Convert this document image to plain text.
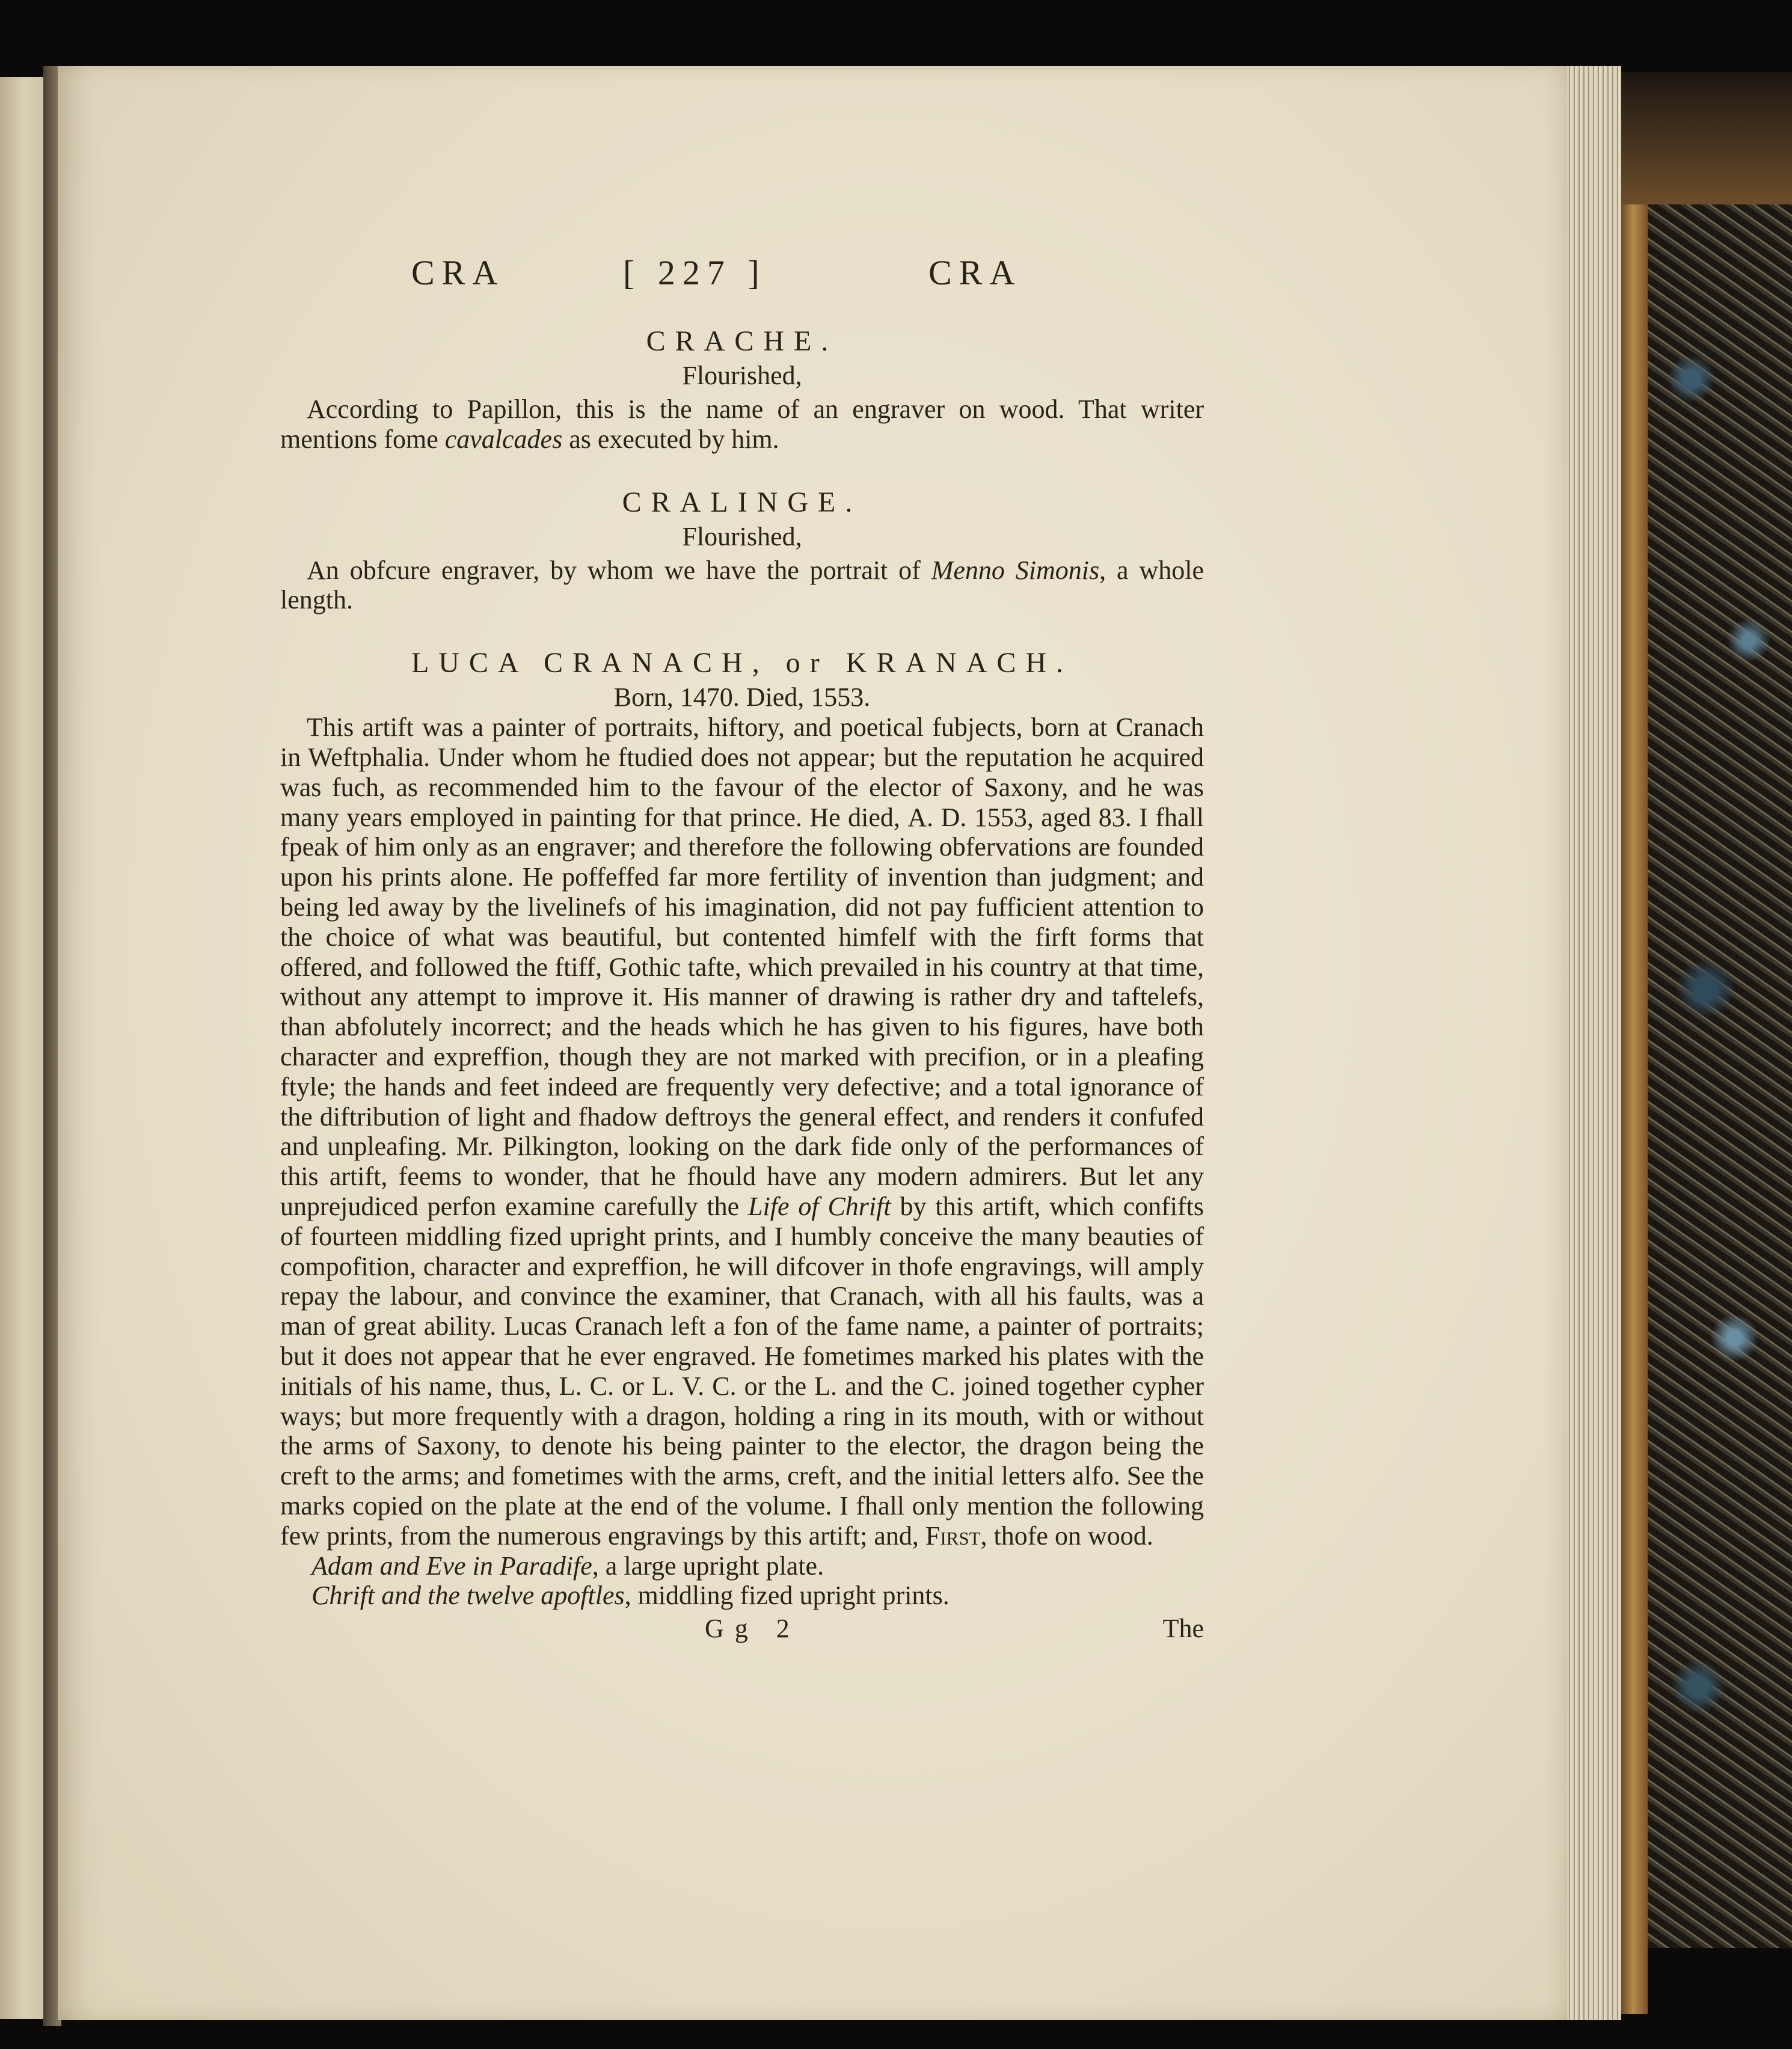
CRA	[ 227 ]	CRA
CRACHE.
Flourished,

According to Papillon, this is the name of an engraver on wood. That writer mentions fome cavalcades as executed by him.

CRALINGE.
Flourished,

An obfcure engraver, by whom we have the portrait of Menno Simonis, a whole length.

LUCA CRANACH, or KRANACH.
Born, 1470. Died, 1553.

This artift was a painter of portraits, hiftory, and poetical fubjects, born at Cranach in Weftphalia. Under whom he ftudied does not appear; but the reputation he acquired was fuch, as recommended him to the favour of the elector of Saxony, and he was many years employed in painting for that prince. He died, A. D. 1553, aged 83. I fhall fpeak of him only as an engraver; and therefore the following obfervations are founded upon his prints alone. He poffeffed far more fertility of invention than judgment; and being led away by the livelinefs of his imagination, did not pay fufficient attention to the choice of what was beautiful, but contented himfelf with the firft forms that offered, and followed the ftiff, Gothic tafte, which prevailed in his country at that time, without any attempt to improve it. His manner of drawing is rather dry and taftelefs, than abfolutely incorrect; and the heads which he has given to his figures, have both character and expreffion, though they are not marked with precifion, or in a pleafing ftyle; the hands and feet indeed are frequently very defective; and a total ignorance of the diftribution of light and fhadow deftroys the general effect, and renders it confufed and unpleafing. Mr. Pilkington, looking on the dark fide only of the performances of this artift, feems to wonder, that he fhould have any modern admirers. But let any unprejudiced perfon examine carefully the Life of Chrift by this artift, which confifts of fourteen middling fized upright prints, and I humbly conceive the many beauties of compofition, character and expreffion, he will difcover in thofe engravings, will amply repay the labour, and convince the examiner, that Cranach, with all his faults, was a man of great ability. Lucas Cranach left a fon of the fame name, a painter of portraits; but it does not appear that he ever engraved. He fometimes marked his plates with the initials of his name, thus, L. C. or L. V. C. or the L. and the C. joined together cypher ways; but more frequently with a dragon, holding a ring in its mouth, with or without the arms of Saxony, to denote his being painter to the elector, the dragon being the creft to the arms; and fometimes with the arms, creft, and the initial letters alfo. See the marks copied on the plate at the end of the volume. I fhall only mention the following few prints, from the numerous engravings by this artift; and, First, thofe on wood.

Adam and Eve in Paradife, a large upright plate.
Chrift and the twelve apoftles, middling fized upright prints.
Gg 2	The
